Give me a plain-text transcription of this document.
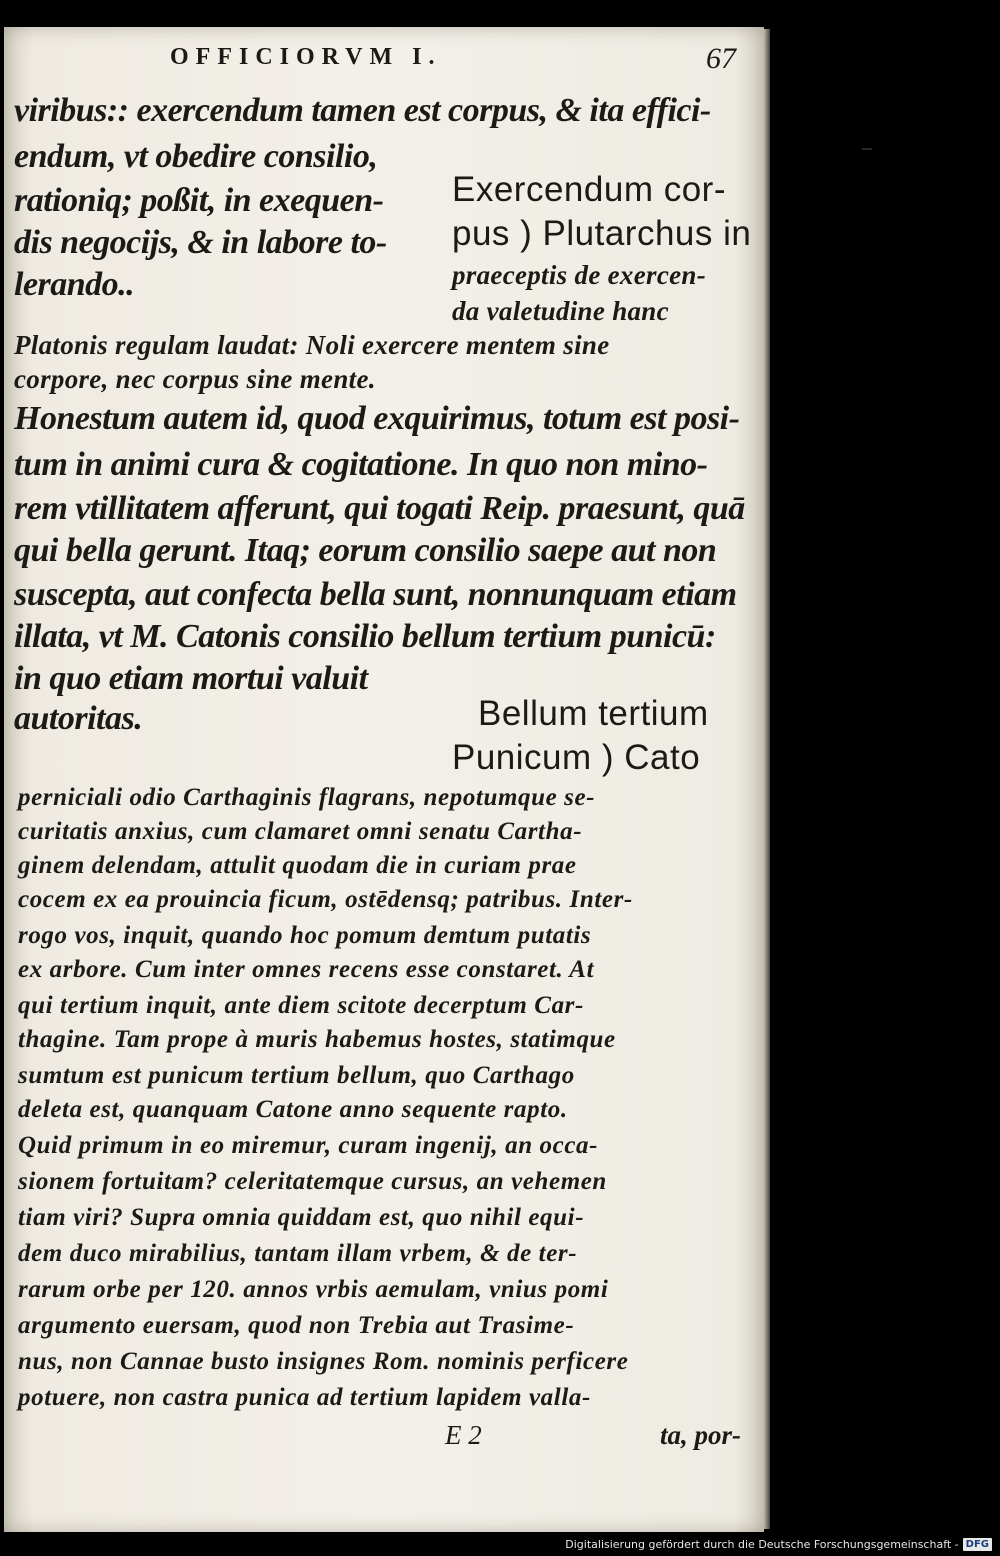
OFFICIORVM I.	67
viribus:: exercendum tamen est corpus, & ita effici-
endum, vt obedire consilio,
rationiq; poßit, in exequen-
dis negocijs, & in labore to-
lerando..
Exercendum cor-
pus ) Plutarchus in
praeceptis de exercen-
da valetudine hanc
Platonis regulam laudat: Noli exercere mentem sine
corpore, nec corpus sine mente.
Honestum autem id, quod exquirimus, totum est posi-
tum in animi cura & cogitatione. In quo non mino-
rem vtillitatem afferunt, qui togati Reip. praesunt, quā
qui bella gerunt. Itaq; eorum consilio saepe aut non
suscepta, aut confecta bella sunt, nonnunquam etiam
illata, vt M. Catonis consilio bellum tertium punicū:
in quo etiam mortui valuit
autoritas.	Bellum tertium
Punicum ) Cato
perniciali odio Carthaginis flagrans, nepotumque se-
curitatis anxius, cum clamaret omni senatu Cartha-
ginem delendam, attulit quodam die in curiam prae
cocem ex ea prouincia ficum, ostēdensq; patribus. Inter-
rogo vos, inquit, quando hoc pomum demtum putatis
ex arbore. Cum inter omnes recens esse constaret. At
qui tertium inquit, ante diem scitote decerptum Car-
thagine. Tam prope à muris habemus hostes, statimque
sumtum est punicum tertium bellum, quo Carthago
deleta est, quanquam Catone anno sequente rapto.
Quid primum in eo miremur, curam ingenij, an occa-
sionem fortuitam? celeritatemque cursus, an vehemen
tiam viri? Supra omnia quiddam est, quo nihil equi-
dem duco mirabilius, tantam illam vrbem, & de ter-
rarum orbe per 120. annos vrbis aemulam, vnius pomi
argumento euersam, quod non Trebia aut Trasime-
nus, non Cannae busto insignes Rom. nominis perficere
potuere, non castra punica ad tertium lapidem valla-
E 2	ta, por-
Digitalisierung gefördert durch die Deutsche Forschungsgemeinschaft - DFG
